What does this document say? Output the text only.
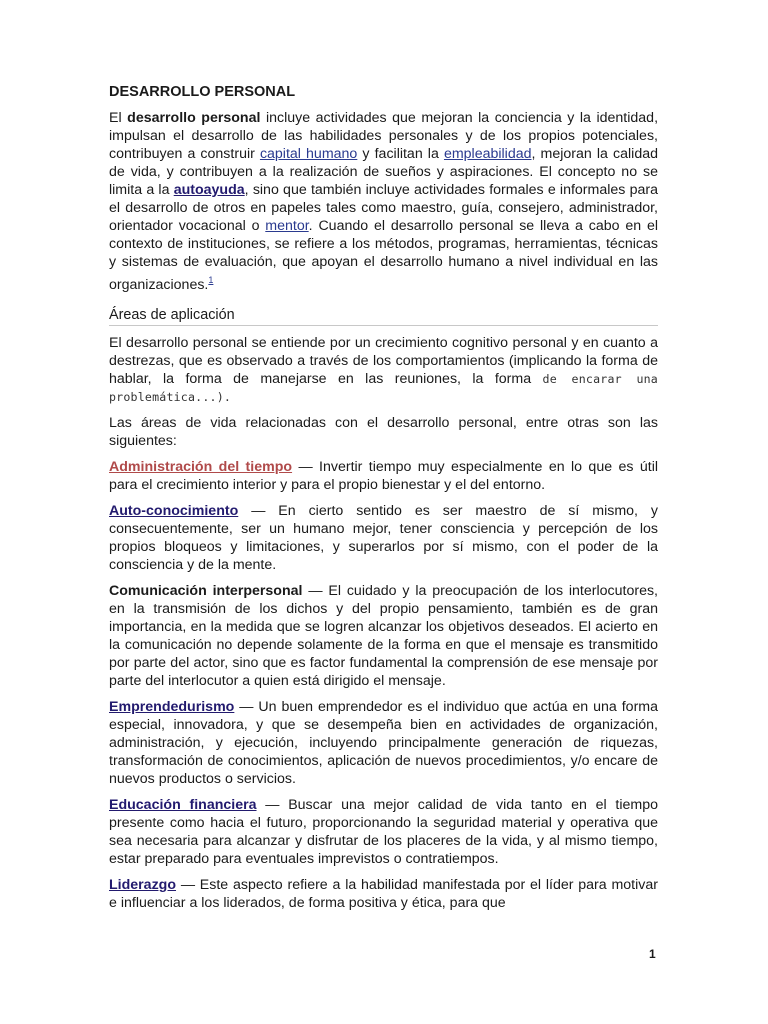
DESARROLLO PERSONAL

El desarrollo personal incluye actividades que mejoran la conciencia y la identidad, impulsan el desarrollo de las habilidades personales y de los propios potenciales, contribuyen a construir capital humano y facilitan la empleabilidad, mejoran la calidad de vida, y contribuyen a la realización de sueños y aspiraciones. El concepto no se limita a la autoayuda, sino que también incluye actividades formales e informales para el desarrollo de otros en papeles tales como maestro, guía, consejero, administrador, orientador vocacional o mentor. Cuando el desarrollo personal se lleva a cabo en el contexto de instituciones, se refiere a los métodos, programas, herramientas, técnicas y sistemas de evaluación, que apoyan el desarrollo humano a nivel individual en las organizaciones.$^1$

Áreas de aplicación

El desarrollo personal se entiende por un crecimiento cognitivo personal y en cuanto a destrezas, que es observado a través de los comportamientos (implicando la forma de hablar, la forma de manejarse en las reuniones, la forma de encarar una problemática...).

Las áreas de vida relacionadas con el desarrollo personal, entre otras son las siguientes:

Administración del tiempo — Invertir tiempo muy especialmente en lo que es útil para el crecimiento interior y para el propio bienestar y el del entorno.

Auto-conocimiento — En cierto sentido es ser maestro de sí mismo, y consecuentemente, ser un humano mejor, tener consciencia y percepción de los propios bloqueos y limitaciones, y superarlos por sí mismo, con el poder de la consciencia y de la mente.

Comunicación interpersonal — El cuidado y la preocupación de los interlocutores, en la transmisión de los dichos y del propio pensamiento, también es de gran importancia, en la medida que se logren alcanzar los objetivos deseados. El acierto en la comunicación no depende solamente de la forma en que el mensaje es transmitido por parte del actor, sino que es factor fundamental la comprensión de ese mensaje por parte del interlocutor a quien está dirigido el mensaje.

Emprendedurismo — Un buen emprendedor es el individuo que actúa en una forma especial, innovadora, y que se desempeña bien en actividades de organización, administración, y ejecución, incluyendo principalmente generación de riquezas, transformación de conocimientos, aplicación de nuevos procedimientos, y/o encare de nuevos productos o servicios.

Educación financiera — Buscar una mejor calidad de vida tanto en el tiempo presente como hacia el futuro, proporcionando la seguridad material y operativa que sea necesaria para alcanzar y disfrutar de los placeres de la vida, y al mismo tiempo, estar preparado para eventuales imprevistos o contratiempos.

Liderazgo — Este aspecto refiere a la habilidad manifestada por el líder para motivar e influenciar a los liderados, de forma positiva y ética, para que

1
